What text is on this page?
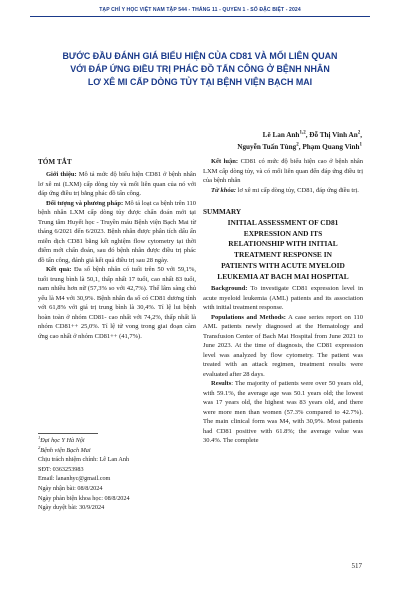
TẠP CHÍ Y HỌC VIỆT NAM TẬP 544 - THÁNG 11 - QUYỂN 1 - SỐ ĐẶC BIỆT - 2024
BƯỚC ĐẦU ĐÁNH GIÁ BIỂU HIỆN CỦA CD81 VÀ MỐI LIÊN QUAN
VỚI ĐÁP ỨNG ĐIỀU TRỊ PHÁC ĐỒ TẤN CÔNG Ở BỆNH NHÂN
LƠ XÊ MI CẤP DÒNG TỦY TẠI BỆNH VIỆN BẠCH MAI
Lê Lan Anh$^{1,2}$, Đỗ Thị Vinh An$^2$,
Nguyễn Tuấn Tùng$^2$, Phạm Quang Vinh$^1$
TÓM TẮT

Giới thiệu: Mô tả mức độ biểu hiện CD81 ở bệnh nhân lơ xê mi (LXM) cấp dòng tủy và mối liên quan của nó với đáp ứng điều trị bằng phác đồ tấn công.

Đối tượng và phương pháp: Mô tả loạt ca bệnh trên 110 bệnh nhân LXM cấp dòng tủy được chẩn đoán mới tại Trung tâm Huyết học - Truyền máu Bệnh viện Bạch Mai từ tháng 6/2021 đến 6/2023. Bệnh nhân được phân tích dấu ấn miễn dịch CD81 bằng kết nghiệm flow cytometry tại thời điểm mới chẩn đoán, sau đó bệnh nhân được điều trị phác đồ tấn công, đánh giá kết quả điều trị sau 28 ngày.

Kết quả: Đa số bệnh nhân có tuổi trên 50 với 59,1%, tuổi trung bình là 50,1, thấp nhất 17 tuổi, cao nhất 83 tuổi, nam nhiều hơn nữ (57,3% so với 42,7%). Thể lâm sàng chủ yếu là M4 với 30,9%. Bệnh nhân đa số có CD81 dương tính với 61,8% với giá trị trung bình là 30,4%. Tỉ lệ lui bệnh hoàn toàn ở nhóm CD81- cao nhất với 74,2%, thấp nhất là nhóm CD81++ 25,0%. Tỉ lệ tử vong trong giai đoạn càm ứng cao nhất ở nhóm CD81++ (41,7%).

$^1$Đại học Y Hà Nội
$^2$Bệnh viện Bạch Mai
Chịu trách nhiệm chính: Lê Lan Anh
SĐT: 0363253983
Email: lananhyc@gmail.com
Ngày nhận bài: 08/8/2024
Ngày phản biện khoa học: 08/8/2024
Ngày duyệt bài: 30/9/2024

Kết luận: CD81 có mức độ biểu hiện cao ở bệnh nhân LXM cấp dòng tủy, và có mối liên quan đến đáp ứng điều trị của bệnh nhân

Từ khóa: lơ xê mi cấp dòng tủy, CD81, đáp ứng điều trị.

SUMMARY
INITIAL ASSESSMENT OF CD81
EXPRESSION AND ITS
RELATIONSHIP WITH INITIAL
TREATMENT RESPONSE IN
PATIENTS WITH ACUTE MYELOID
LEUKEMIA AT BACH MAI HOSPITAL

Background: To investigate CD81 expression level in acute myeloid leukemia (AML) patients and its association with initial treatment response.

Populations and Methods: A case series report on 110 AML patients newly diagnosed at the Hematology and Transfusion Center of Bach Mai Hospital from June 2021 to June 2023. At the time of diagnosis, the CD81 expression level was analyzed by flow cytometry. The patient was treated with an attack regimen, treatment results were evaluated after 28 days.

Results: The majority of patients were over 50 years old, with 59.1%, the average age was 50.1 years old; the lowest was 17 years old, the highest was 83 years old, and there were more men than women (57.3% compared to 42.7%). The main clinical form was M4, with 30,9%. Most patients had CD81 positive with 61.8%; the average value was 30.4%. The complete

517
